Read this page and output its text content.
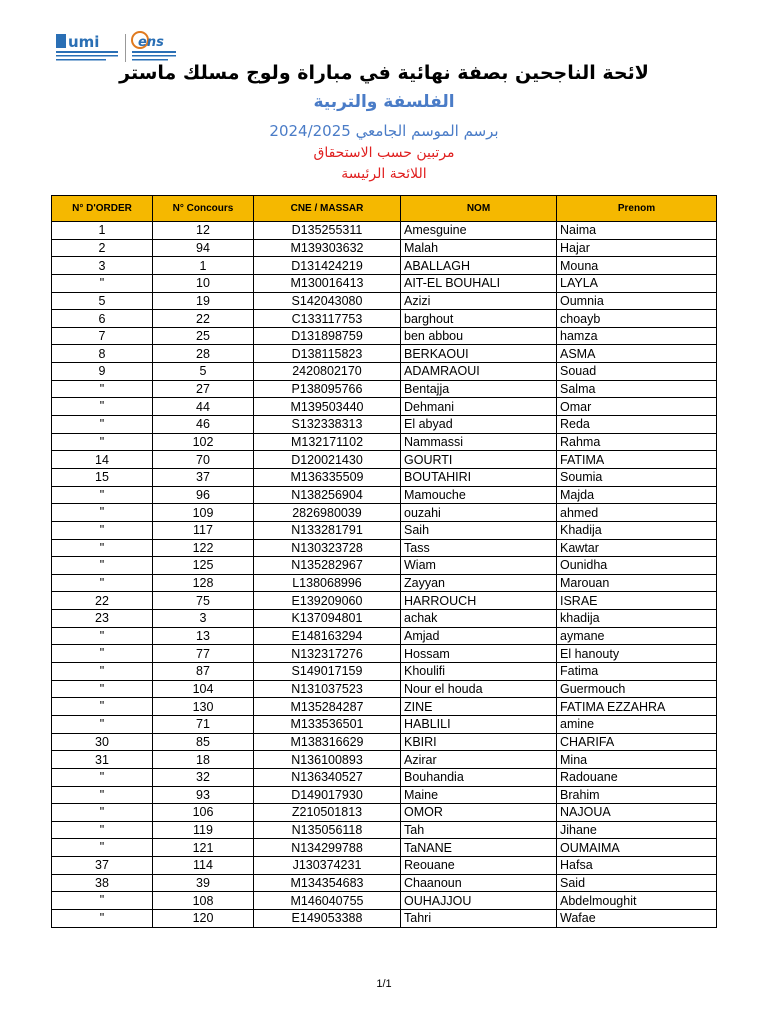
umi	ens
لائحة الناجحين بصفة نهائية في مباراة ولوج مسلك ماستر
الفلسفة والتربية
برسم الموسم الجامعي 2024/2025
مرتبين حسب الاستحقاق
اللائحة الرئيسة
N° D'ORDER	N° Concours	CNE / MASSAR	NOM	Prenom
1	12	D135255311	Amesguine	Naima
2	94	M139303632	Malah	Hajar
3	1	D131424219	ABALLAGH	Mouna
"	10	M130016413	AIT-EL BOUHALI	LAYLA
5	19	S142043080	Azizi	Oumnia
6	22	C133117753	barghout	choayb
7	25	D131898759	ben abbou	hamza
8	28	D138115823	BERKAOUI	ASMA
9	5	2420802170	ADAMRAOUI	Souad
"	27	P138095766	Bentajja	Salma
"	44	M139503440	Dehmani	Omar
"	46	S132338313	El abyad	Reda
"	102	M132171102	Nammassi	Rahma
14	70	D120021430	GOURTI	FATIMA
15	37	M136335509	BOUTAHIRI	Soumia
"	96	N138256904	Mamouche	Majda
"	109	2826980039	ouzahi	ahmed
"	117	N133281791	Saih	Khadija
"	122	N130323728	Tass	Kawtar
"	125	N135282967	Wiam	Ounidha
"	128	L138068996	Zayyan	Marouan
22	75	E139209060	HARROUCH	ISRAE
23	3	K137094801	achak	khadija
"	13	E148163294	Amjad	aymane
"	77	N132317276	Hossam	El hanouty
"	87	S149017159	Khoulifi	Fatima
"	104	N131037523	Nour el houda	Guermouch
"	130	M135284287	ZINE	FATIMA EZZAHRA
"	71	M133536501	HABLILI	amine
30	85	M138316629	KBIRI	CHARIFA
31	18	N136100893	Azirar	Mina
"	32	N136340527	Bouhandia	Radouane
"	93	D149017930	Maine	Brahim
"	106	Z210501813	OMOR	NAJOUA
"	119	N135056118	Tah	Jihane
"	121	N134299788	TaNANE	OUMAIMA
37	114	J130374231	Reouane	Hafsa
38	39	M134354683	Chaanoun	Said
"	108	M146040755	OUHAJJOU	Abdelmoughit
"	120	E149053388	Tahri	Wafae
1/1
